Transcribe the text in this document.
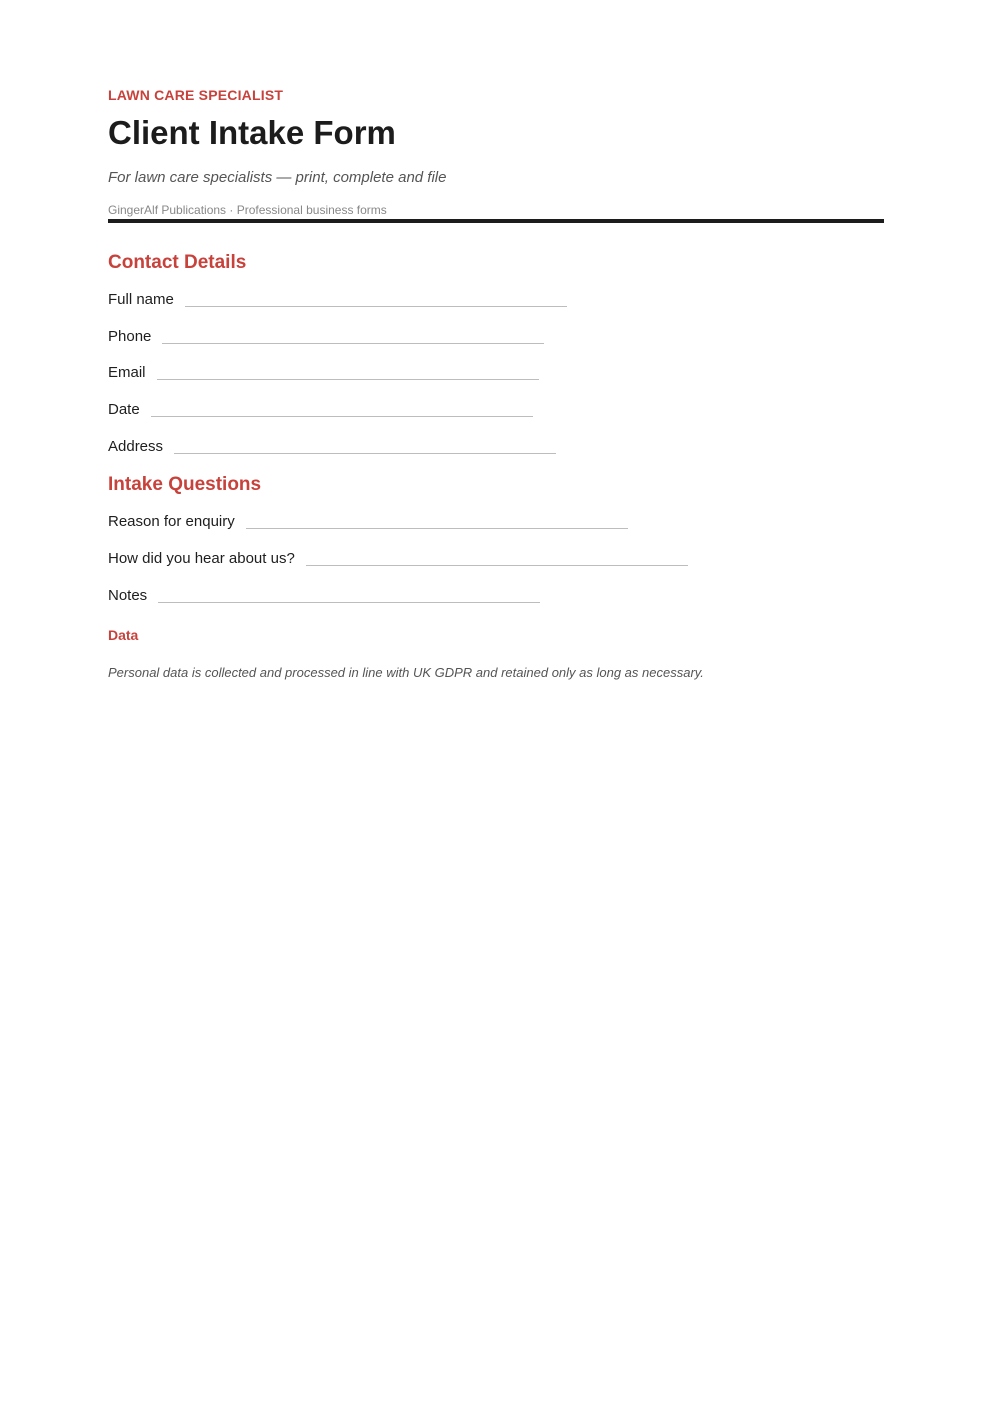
LAWN CARE SPECIALIST
Client Intake Form
For lawn care specialists — print, complete and file
GingerAlf Publications · Professional business forms
Contact Details
Full name
Phone
Email
Date
Address
Intake Questions
Reason for enquiry
How did you hear about us?
Notes
Data
Personal data is collected and processed in line with UK GDPR and retained only as long as necessary.
